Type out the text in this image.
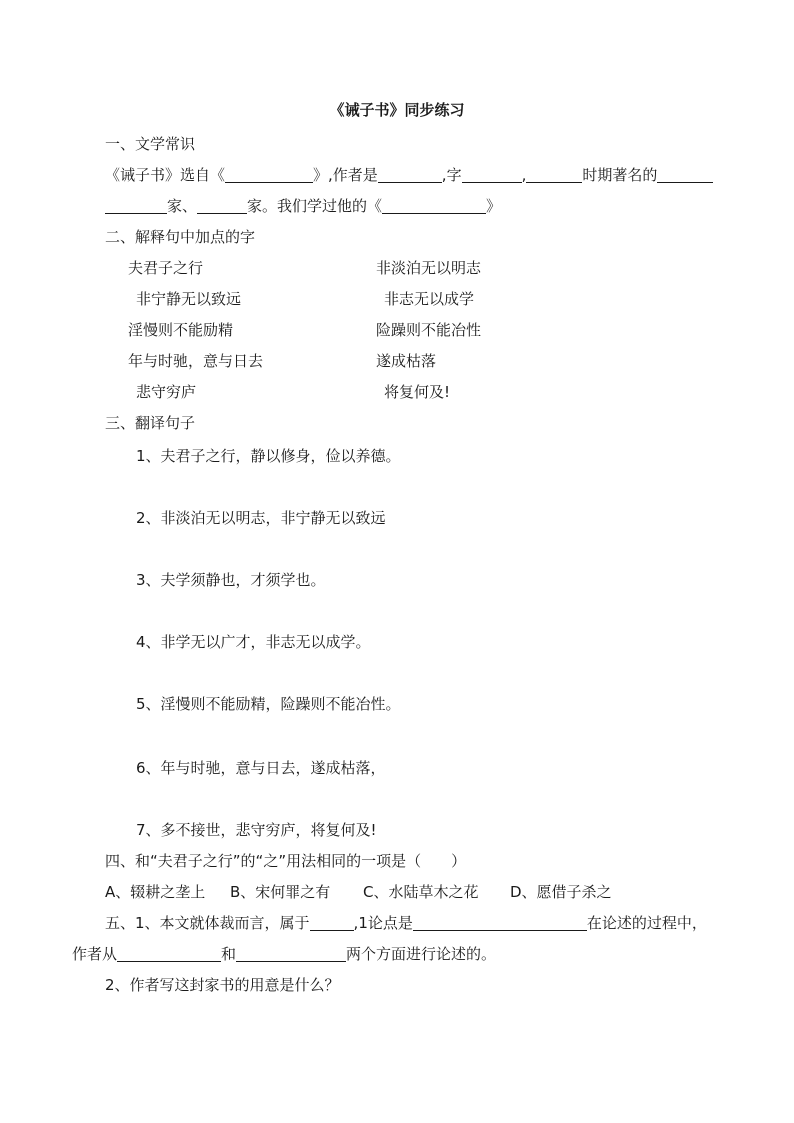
《诫子书》同步练习
一、文学常识
《诫子书》选自《	》,作者是	,字	,	时期著名的
家、	家。我们学过他的《	》
二、解释句中加点的字
夫君子之行	非淡泊无以明志
非宁静无以致远	非志无以成学
淫慢则不能励精	险躁则不能冶性
年与时驰，意与日去	遂成枯落
悲守穷庐	将复何及!
三、翻译句子
1、夫君子之行，静以修身，俭以养德。
2、非淡泊无以明志，非宁静无以致远
3、夫学须静也，才须学也。
4、非学无以广才，非志无以成学。
5、淫慢则不能励精，险躁则不能冶性。
6、年与时驰，意与日去，遂成枯落，
7、多不接世，悲守穷庐，将复何及!
四、和“夫君子之行”的“之”用法相同的一项是（　　）
A、辍耕之垄上 B、宋何罪之有 C、水陆草木之花 D、愿借子杀之
五、1、本文就体裁而言，属于	,1论点是	在论述的过程中，
作者从	和	两个方面进行论述的。
2、作者写这封家书的用意是什么？
